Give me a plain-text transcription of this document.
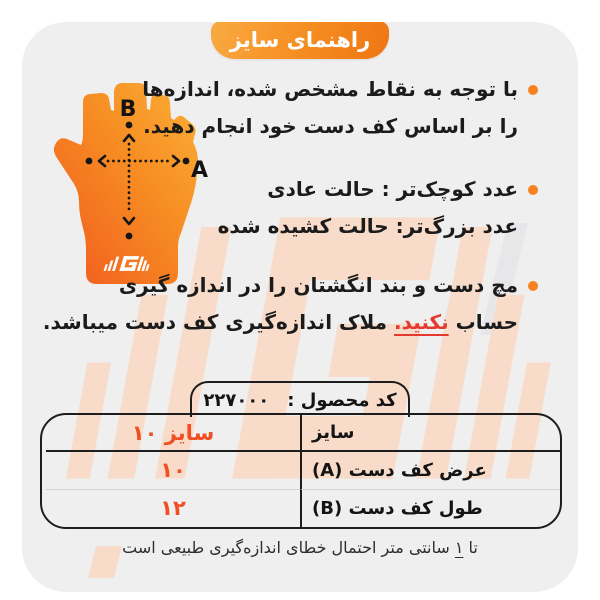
A
B
با توجه به نقاط مشخص شده، اندازه‌ها
را بر اساس کف دست خود انجام دهید.
عدد کوچک‌تر : حالت عادی
عدد بزرگ‌تر: حالت کشیده شده
مچ دست و بند انگشتان را در اندازه گیری
حساب نکنید. ملاک اندازه‌گیری کف دست میباشد.
کد محصول :
۲۲۷۰۰۰
سایز
سایز ۱۰
عرض کف دست (A)
۱۰
طول کف دست (B)
۱۲
تا ۱ سانتی متر احتمال خطای اندازه‌گیری طبیعی است
راهنمای سایز
